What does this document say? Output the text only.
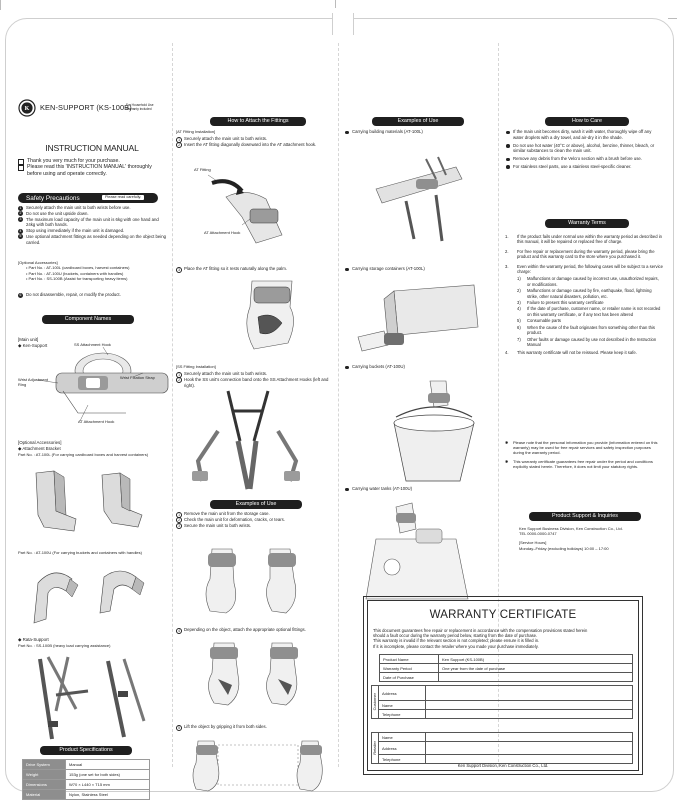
K KEN-SUPPORT (KS-100B)
For Household Use
Warranty included
INSTRUCTION MANUAL
Thank you very much for your purchase.
Please read this 'INSTRUCTION MANUAL' thoroughly before using and operate correctly.
Safety Precautions	Please read carefully.
1	Securely attach the main unit to both wrists before use.
2	Do not use the unit upside down.
3	The maximum load capacity of the main unit is 6kg with one hand and 24kg with both hands.
4	Stop using immediately if the main unit is damaged.
5	Use optional attachment fittings as needed depending on the object being carried.
[Optional Accessories]
• Part No. : AT-100L (cardboard boxes, harvest containers)
• Part No. : AT-100U (buckets, containers with handles)
• Part No. : SS-100B (Assist for transporting heavy items)
6	Do not disassemble, repair, or modify the product.
Component Names
[Main unit]
◆ Ken-Support	SS Attachment Hook
Wrist Fixation Strap
Wrist Adjustment Ring
AT Attachment Hook
[Optional Accessories]
◆ Attachment Bracket
Part No. : AT-100L (For carrying cardboard boxes and harvest containers)
Part No. : AT-100U (For carrying buckets and containers with handles)
◆ Rata-Support
Part No. : SS-100B (heavy load carrying assistance)
Product Specifications
Drive System	Manual
Weight	153g (one set for both sides)
Dimensions	W70 × L440 × T15 mm
Material	Nylon, Stainless Steel
How to Attach the Fittings
[AT Fitting Installation]
1 Securely attach the main unit to both wrists.
2 Insert the AT fitting diagonally downward into the AT attachment hook.
AT Fitting
AT Attachment Hook
3 Place the AT fitting so it rests naturally along the palm.
[SS Fitting Installation]
1 Securely attach the main unit to both wrists.
2 Hook the SS unit's connection band onto the SS Attachment Hooks (left and right).
Examples of Use
1 Remove the main unit from the storage case.
2 Check the main unit for deformation, cracks, or tears.
3 Secure the main unit to both wrists.
4 Depending on the object, attach the appropriate optional fittings.
5 Lift the object by gripping it from both sides.
Examples of Use
Carrying building materials (AT-100L)
Carrying storage containers (AT-100L)
Carrying buckets (AT-100U)
Carrying water tanks (AT-100U)
How to Care
If the main unit becomes dirty, wash it with water, thoroughly wipe off any water droplets with a dry towel, and air-dry it in the shade.
Do not use hot water (40°C or above), alcohol, benzine, thinner, bleach, or similar substances to clean the main unit.
Remove any debris from the Velcro section with a brush before use.
For stainless steel parts, use a stainless steel-specific cleaner.
Warranty Terms
1. If the product fails under normal use within the warranty period as described in this manual, it will be repaired or replaced free of charge.
2. For free repair or replacement during the warranty period, please bring the product and this warranty card to the store where you purchased it.
3. Even within the warranty period, the following cases will be subject to a service charge:
1) Malfunctions or damage caused by incorrect use, unauthorized repairs, or modifications.
2) Malfunctions or damage caused by fire, earthquake, flood, lightning strike, other natural disasters, pollution, etc.
3) Failure to present this warranty certificate
4) If the date of purchase, customer name, or retailer name is not recorded on this warranty certificate, or if any text has been altered
5) Consumable parts
6) When the cause of the fault originates from something other than this product.
7) Other faults or damage caused by use not described in the Instruction Manual
4. This warranty certificate will not be reissued. Please keep it safe.
✱ Please note that the personal information you provide (information entered on this warranty) may be used for free repair services and safety inspection purposes during the warranty period.
✱ This warranty certificate guarantees free repair under the period and conditions explicitly stated herein. Therefore, it does not limit your statutory rights.
Product Support & Inquiries
Ken Support Business Division, Ken Construction Co., Ltd.
TEL 0000-0000-0747
[Service Hours]
Monday–Friday (excluding holidays) 10:00 – 17:00
WARRANTY CERTIFICATE
This document guarantees free repair or replacement in accordance with the compensation provisions stated herein
should a fault occur during the warranty period below, starting from the date of purchase.
This warranty is invalid if the relevant section is not completed; please ensure it is filled in.
If it is incomplete, please contact the retailer where you made your purchase immediately.
Product Name	Ken Support (KS-100B)
Warranty Period	One year from the date of purchase
Date of Purchase	
Customer	Address	
	Name	
	Telephone	
Retailer	Name	
	Address	
	Telephone	
Ken Support Division, Ken Construction Co., Ltd.
